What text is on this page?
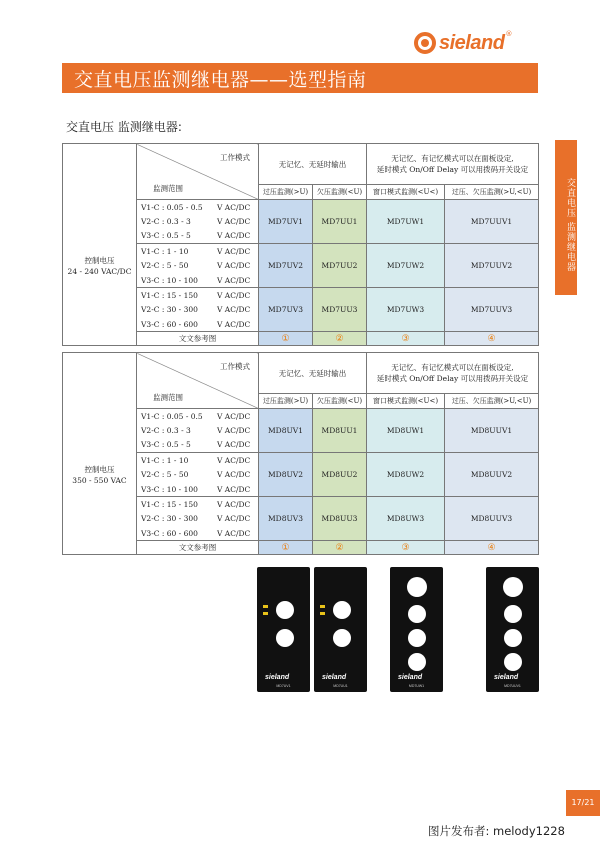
sieland ®
交直电压监测继电器——选型指南
交直电压 监测继电器:
交直电压 监测继电器

	工作模式
监测范围	无记忆、无延时输出		无记忆、有记忆模式可以在面板设定,
延时模式 On/Off Delay 可以用拨码开关设定	
		过压监测(>U)	欠压监测(<U)	窗口模式监测(<U<)	过压、欠压监测(>U,<U)

控制电压
24 - 240 VAC/DC	V1-C : 0.05 - 0.5 V AC/DC	MD7UV1	MD7UU1	MD7UW1	MD7UUV1
	V2-C : 0.3 - 3 V AC/DC				
	V3-C : 0.5 - 5 V AC/DC				
	V1-C : 1 - 10 V AC/DC	MD7UV2	MD7UU2	MD7UW2	MD7UUV2
	V2-C : 5 - 50 V AC/DC				
	V3-C : 10 - 100 V AC/DC				
	V1-C : 15 - 150 V AC/DC	MD7UV3	MD7UU3	MD7UW3	MD7UUV3
	V2-C : 30 - 300 V AC/DC				
	V3-C : 60 - 600 V AC/DC				
	文文参考图	①	②	③	④

	工作模式
监测范围	无记忆、无延时输出		无记忆、有记忆模式可以在面板设定,
延时模式 On/Off Delay 可以用拨码开关设定	
		过压监测(>U)	欠压监测(<U)	窗口模式监测(<U<)	过压、欠压监测(>U,<U)

控制电压
350 - 550 VAC	V1-C : 0.05 - 0.5 V AC/DC	MD8UV1	MD8UU1	MD8UW1	MD8UUV1
	V2-C : 0.3 - 3 V AC/DC				
	V3-C : 0.5 - 5 V AC/DC				
	V1-C : 1 - 10 V AC/DC	MD8UV2	MD8UU2	MD8UW2	MD8UUV2
	V2-C : 5 - 50 V AC/DC				
	V3-C : 10 - 100 V AC/DC				
	V1-C : 15 - 150 V AC/DC	MD8UV3	MD8UU3	MD8UW3	MD8UUV3
	V2-C : 30 - 300 V AC/DC				
	V3-C : 60 - 600 V AC/DC				
	文文参考图	①	②	③	④
sieland
MD7UV1
sieland
MD7UU1
sieland
MD7UW1
sieland
MD7UUV1
17/21
图片发布者: melody1228
